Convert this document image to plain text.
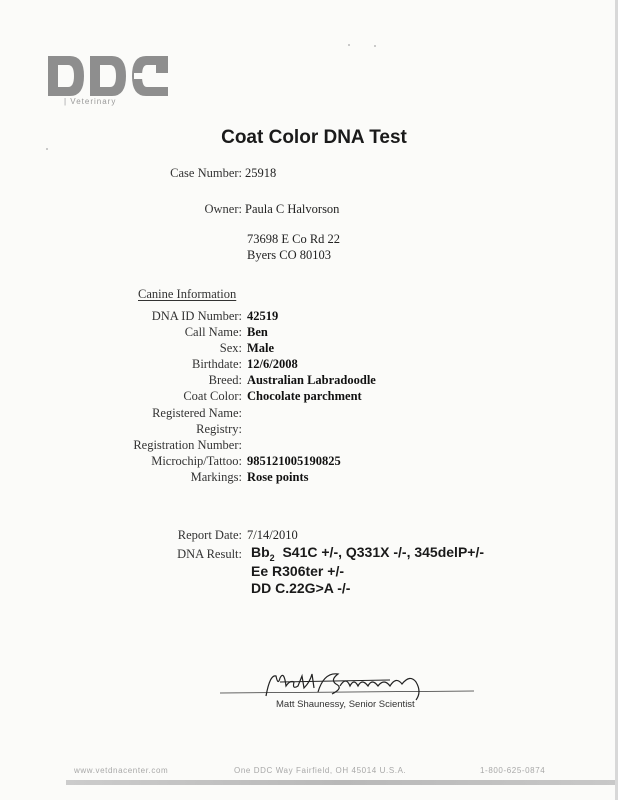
| Veterinary
Coat Color DNA Test
Case Number: 25918
Owner: Paula C Halvorson
73698 E Co Rd 22
Byers CO 80103
Canine Information
DNA ID Number: 42519
Call Name: Ben
Sex: Male
Birthdate: 12/6/2008
Breed: Australian Labradoodle
Coat Color: Chocolate parchment
Registered Name:
Registry:
Registration Number:
Microchip/Tattoo: 985121005190825
Markings: Rose points
Report Date: 7/14/2010
DNA Result: $Bb_2$ S41C +/-, Q331X -/-, 345delP+/-
Ee R306ter +/-
DD C.22G>A -/-
Matt Shaunessy, Senior Scientist
www.vetdnacenter.com	One DDC Way Fairfield, OH 45014 U.S.A.	1-800-625-0874
